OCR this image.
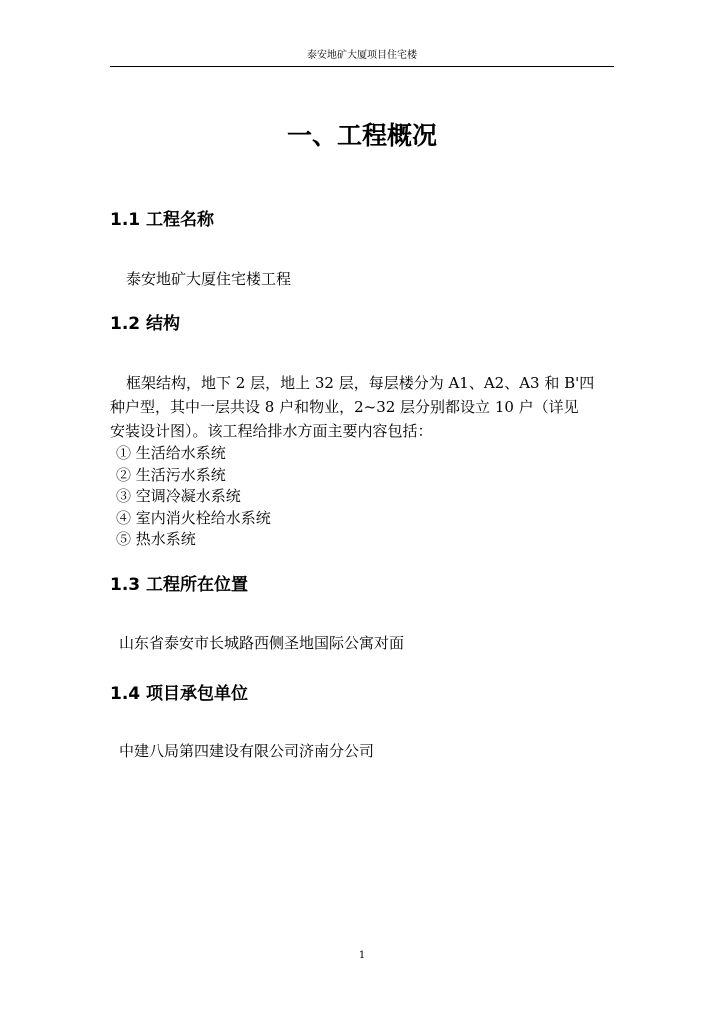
泰安地矿大厦项目住宅楼
一、工程概况
1.1 工程名称

泰安地矿大厦住宅楼工程

1.2 结构

框架结构，地下 2 层，地上 32 层，每层楼分为 A1、A2、A3 和 B'四

种户型，其中一层共设 8 户和物业，2~32 层分别都设立 10 户（详见

安装设计图）。该工程给排水方面主要内容包括：

① 生活给水系统
② 生活污水系统
③ 空调冷凝水系统
④ 室内消火栓给水系统
⑤ 热水系统
1.3 工程所在位置

山东省泰安市长城路西侧圣地国际公寓对面

1.4 项目承包单位

中建八局第四建设有限公司济南分公司

1
